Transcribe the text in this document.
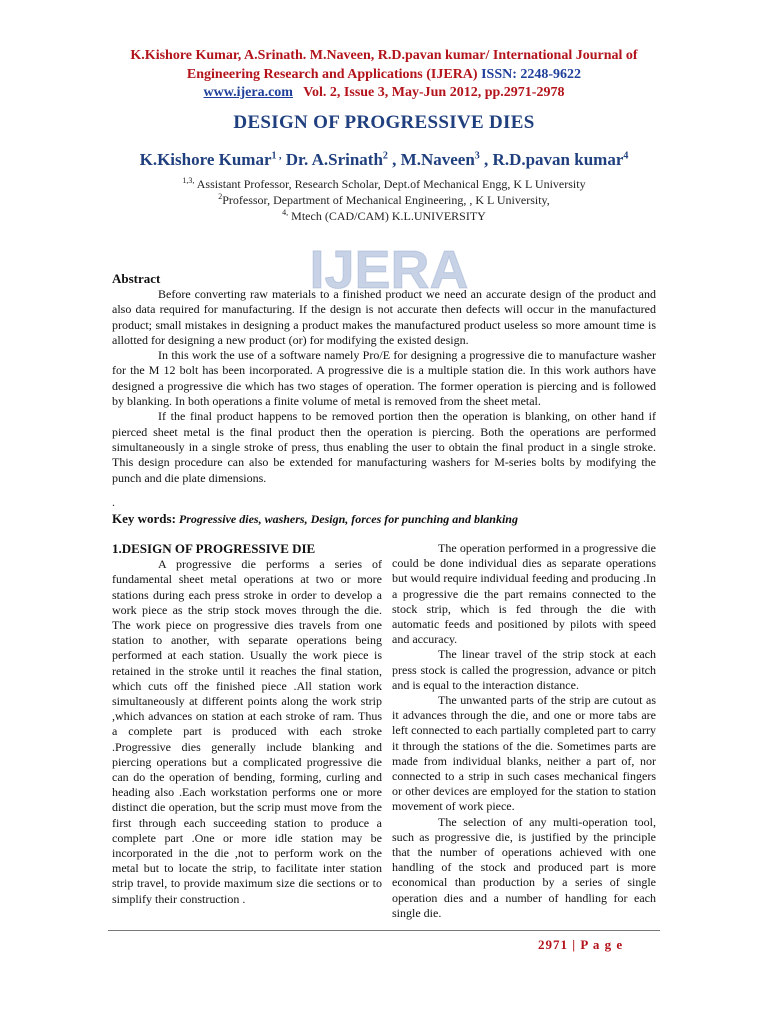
K.Kishore Kumar, A.Srinath. M.Naveen, R.D.pavan kumar/ International Journal of
Engineering Research and Applications (IJERA) ISSN: 2248-9622
www.ijera.com Vol. 2, Issue 3, May-Jun 2012, pp.2971-2978
DESIGN OF PROGRESSIVE DIES
K.Kishore Kumar$^{1 ,}$ Dr. A.Srinath$^2$ , M.Naveen$^3$ , R.D.pavan kumar$^4$
$^{1,3,}$ Assistant Professor, Research Scholar, Dept.of Mechanical Engg, K L University
$^2$Professor, Department of Mechanical Engineering, , K L University,
$^{4,}$ Mtech (CAD/CAM) K.L.UNIVERSITY
IJERA
Abstract

Before converting raw materials to a finished product we need an accurate design of the product and also data required for manufacturing. If the design is not accurate then defects will occur in the manufactured product; small mistakes in designing a product makes the manufactured product useless so more amount time is allotted for designing a new product (or) for modifying the existed design.

In this work the use of a software namely Pro/E for designing a progressive die to manufacture washer for the M 12 bolt has been incorporated. A progressive die is a multiple station die. In this work authors have designed a progressive die which has two stages of operation. The former operation is piercing and is followed by blanking. In both operations a finite volume of metal is removed from the sheet metal.

If the final product happens to be removed portion then the operation is blanking, on other hand if pierced sheet metal is the final product then the operation is piercing. Both the operations are performed simultaneously in a single stroke of press, thus enabling the user to obtain the final product in a single stroke. This design procedure can also be extended for manufacturing washers for M-series bolts by modifying the punch and die plate dimensions.

.
Key words: Progressive dies, washers, Design, forces for punching and blanking
1.DESIGN OF PROGRESSIVE DIE

A progressive die performs a series of fundamental sheet metal operations at two or more stations during each press stroke in order to develop a work piece as the strip stock moves through the die. The work piece on progressive dies travels from one station to another, with separate operations being performed at each station. Usually the work piece is retained in the stroke until it reaches the final station, which cuts off the finished piece .All station work simultaneously at different points along the work strip ,which advances on station at each stroke of ram. Thus a complete part is produced with each stroke .Progressive dies generally include blanking and piercing operations but a complicated progressive die can do the operation of bending, forming, curling and heading also .Each workstation performs one or more distinct die operation, but the scrip must move from the first through each succeeding station to produce a complete part .One or more idle station may be incorporated in the die ,not to perform work on the metal but to locate the strip, to facilitate inter station strip travel, to provide maximum size die sections or to simplify their construction .

The operation performed in a progressive die could be done individual dies as separate operations but would require individual feeding and producing .In a progressive die the part remains connected to the stock strip, which is fed through the die with automatic feeds and positioned by pilots with speed and accuracy.

The linear travel of the strip stock at each press stock is called the progression, advance or pitch and is equal to the interaction distance.

The unwanted parts of the strip are cutout as it advances through the die, and one or more tabs are left connected to each partially completed part to carry it through the stations of the die. Sometimes parts are made from individual blanks, neither a part of, nor connected to a strip in such cases mechanical fingers or other devices are employed for the station to station movement of work piece.

The selection of any multi-operation tool, such as progressive die, is justified by the principle that the number of operations achieved with one handling of the stock and produced part is more economical than production by a series of single operation dies and a number of handling for each single die.

2971 | P a g e
